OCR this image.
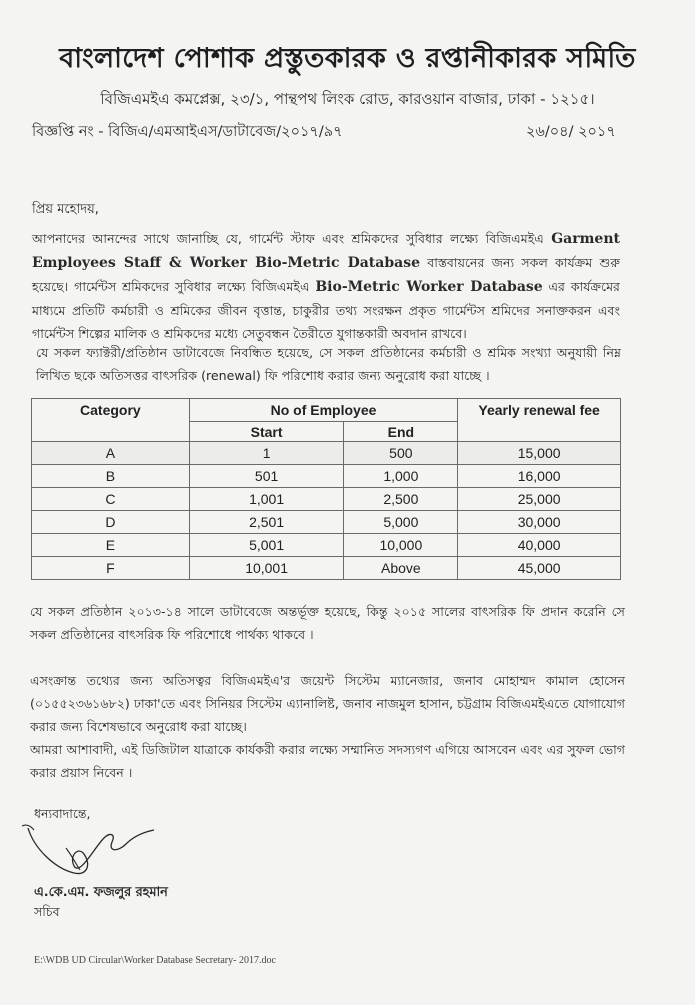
বাংলাদেশ পোশাক প্রস্তুতকারক ও রপ্তানীকারক সমিতি
বিজিএমইএ কমপ্লেক্স, ২৩/১, পান্থপথ লিংক রোড, কারওয়ান বাজার, ঢাকা - ১২১৫।
বিজ্ঞপ্তি নং - বিজিএ/এমআইএস/ডাটাবেজ/২০১৭/৯৭	২৬/০৪/ ২০১৭
প্রিয় মহোদয়,
আপনাদের আনন্দের সাথে জানাচ্ছি যে, গার্মেন্ট স্টাফ এবং শ্রমিকদের সুবিধার লক্ষ্যে বিজিএমইএ Garment Employees Staff & Worker Bio-Metric Database বাস্তবায়নের জন্য সকল কার্যক্রম শুরু হয়েছে। গার্মেন্টস শ্রমিকদের সুবিধার লক্ষ্যে বিজিএমইএ Bio-Metric Worker Database এর কার্যক্রমের মাধ্যমে প্রতিটি কর্মচারী ও শ্রমিকের জীবন বৃত্তান্ত, চাকুরীর তথ্য সংরক্ষন প্রকৃত গার্মেন্টস শ্রমিদের সনাক্তকরন এবং গার্মেন্টস শিল্পের মালিক ও শ্রমিকদের মধ্যে সেতুবন্ধন তৈরীতে যুগান্তকারী অবদান রাখবে।
যে সকল ফ্যাক্টরী/প্রতিষ্ঠান ডাটাবেজে নিবন্ধিত হয়েছে, সে সকল প্রতিষ্ঠানের কর্মচারী ও শ্রমিক সংখ্যা অনুযায়ী নিম্ন লিখিত ছকে অতিসত্তর বাৎসরিক (renewal) ফি পরিশোধ করার জন্য অনুরোধ করা যাচ্ছে ।
Category	No of Employee		Yearly renewal fee
	Start	End	
A	1	500	15,000
B	501	1,000	16,000
C	1,001	2,500	25,000
D	2,501	5,000	30,000
E	5,001	10,000	40,000
F	10,001	Above	45,000
যে সকল প্রতিষ্ঠান ২০১৩-১৪ সালে ডাটাবেজে অন্তর্ভূক্ত হয়েছে, কিন্তু ২০১৫ সালের বাৎসরিক ফি প্রদান করেনি সে সকল প্রতিষ্ঠানের বাৎসরিক ফি পরিশোধে পার্থক্য থাকবে ।
এসংক্রান্ত তথ্যের জন্য অতিসত্বর বিজিএমইএ'র জয়েন্ট সিস্টেম ম্যানেজার, জনাব মোহাম্মদ কামাল হোসেন (০১৫৫২৩৬১৬৮২) ঢাকা'তে এবং সিনিয়র সিস্টেম এ্যানালিষ্ট, জনাব নাজমুল হাসান, চট্টগ্রাম বিজিএমইএতে যোগাযোগ করার জন্য বিশেষভাবে অনুরোধ করা যাচ্ছে।
আমরা আশাবাদী, এই ডিজিটাল যাত্রাকে কার্যকরী করার লক্ষ্যে সম্মানিত সদস্যগণ এগিয়ে আসবেন এবং এর সুফল ভোগ করার প্রয়াস নিবেন ।
ধন্যবাদান্তে,
এ.কে.এম. ফজলুর রহমান
সচিব
E:\WDB UD Circular\Worker Database Secretary- 2017.doc
